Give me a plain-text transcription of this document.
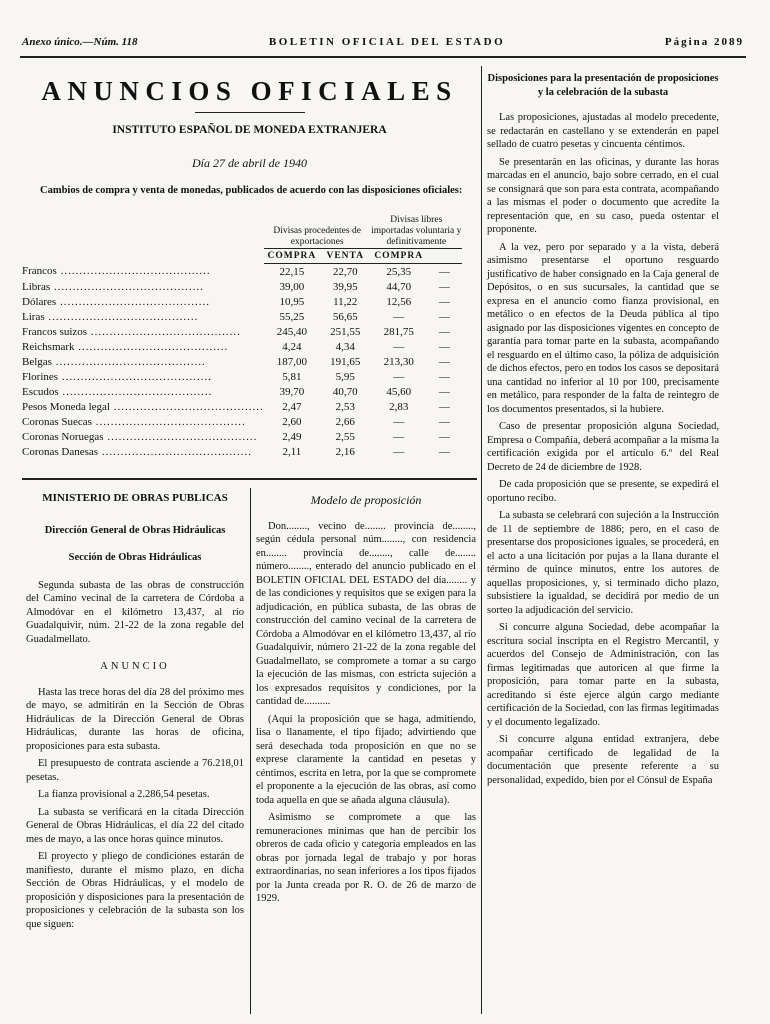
Anexo único.—Núm. 118	BOLETIN OFICIAL DEL ESTADO	Página 2089
ANUNCIOS OFICIALES
INSTITUTO ESPAÑOL DE MONEDA EXTRANJERA
Día 27 de abril de 1940
Cambios de compra y venta de monedas, publicados de acuerdo con las disposiciones oficiales:
	Divisas procedentes de exportaciones		Divisas libres importadas voluntaria y definitivamente	
	COMPRA	VENTA	COMPRA	
Francos ........................................	22,15	22,70	25,35	—
Libras ........................................	39,00	39,95	44,70	—
Dólares ........................................	10,95	11,22	12,56	—
Liras ........................................	55,25	56,65	—	—
Francos suizos ........................................	245,40	251,55	281,75	—
Reichsmark ........................................	4,24	4,34	—	—
Belgas ........................................	187,00	191,65	213,30	—
Florines ........................................	5,81	5,95	—	—
Escudos ........................................	39,70	40,70	45,60	—
Pesos Moneda legal ........................................	2,47	2,53	2,83	—
Coronas Suecas ........................................	2,60	2,66	—	—
Coronas Noruegas ........................................	2,49	2,55	—	—
Coronas Danesas ........................................	2,11	2,16	—	—
MINISTERIO DE OBRAS PUBLICAS
Dirección General de Obras Hidráulicas
Sección de Obras Hidráulicas

Segunda subasta de las obras de construcción del Camino vecinal de la carretera de Córdoba a Almodóvar en el kilómetro 13,437, al río Guadalquivir, núm. 21-22 de la zona regable del Guadalmellato.

ANUNCIO

Hasta las trece horas del día 28 del próximo mes de mayo, se admitirán en la Sección de Obras Hidráulicas de la Dirección General de Obras Hidráulicas, durante las horas de oficina, proposiciones para esta subasta.

El presupuesto de contrata asciende a 76.218,01 pesetas.

La fianza provisional a 2.286,54 pesetas.

La subasta se verificará en la citada Dirección General de Obras Hidráulicas, el día 22 del citado mes de mayo, a las once horas quince minutos.

El proyecto y pliego de condiciones estarán de manifiesto, durante el mismo plazo, en dicha Sección de Obras Hidráulicas, y el modelo de proposición y disposiciones para la presentación de proposiciones y celebración de la subasta son los que siguen:

Modelo de proposición

Don........, vecino de........ provincia de........, según cédula personal núm........, con residencia en........ provincia de........, calle de........ número........, enterado del anuncio publicado en el BOLETIN OFICIAL DEL ESTADO del día........ y de las condiciones y requisitos que se exigen para la adjudicación, en pública subasta, de las obras de construcción del camino vecinal de la carretera de Córdoba a Almodóvar en el kilómetro 13,437, al río Guadalquivir, número 21-22 de la zona regable del Guadalmellato, se compromete a tomar a su cargo la ejecución de las mismas, con estricta sujeción a los expresados requisitos y condiciones, por la cantidad de..........

(Aquí la proposición que se haga, admitiendo, lisa o llanamente, el tipo fijado; advirtiendo que será desechada toda proposición en que no se exprese claramente la cantidad en pesetas y céntimos, escrita en letra, por la que se compromete el proponente a la ejecución de las obras, así como toda aquella en que se añada alguna cláusula).

Asimismo se compromete a que las remuneraciones mínimas que han de percibir los obreros de cada oficio y categoría empleados en las obras por jornada legal de trabajo y por horas extraordinarias, no sean inferiores a los tipos fijados por la Junta creada por R. O. de 26 de marzo de 1929.

Disposiciones para la presentación de proposiciones y la celebración de la subasta

Las proposiciones, ajustadas al modelo precedente, se redactarán en castellano y se extenderán en papel sellado de cuatro pesetas y cincuenta céntimos.

Se presentarán en las oficinas, y durante las horas marcadas en el anuncio, bajo sobre cerrado, en el cual se consignará que son para esta contrata, acompañando a las mismas el poder o documento que acredite la representación que, en su caso, pueda ostentar el proponente.

A la vez, pero por separado y a la vista, deberá asimismo presentarse el oportuno resguardo justificativo de haber consignado en la Caja general de Depósitos, o en sus sucursales, la cantidad que se expresa en el anuncio como fianza provisional, en metálico o en efectos de la Deuda pública al tipo asignado por las disposiciones vigentes en concepto de garantía para tomar parte en la subasta, acompañando el resguardo en el último caso, la póliza de adquisición de dichos efectos, pero en todos los casos se depositará una cantidad no inferior al 10 por 100, precisamente en metálico, para responder de la falta de reintegro de los documentos presentados, si la hubiere.

Caso de presentar proposición alguna Sociedad, Empresa o Compañía, deberá acompañar a la misma la certificación exigida por el artículo 6.º del Real Decreto de 24 de diciembre de 1928.

De cada proposición que se presente, se expedirá el oportuno recibo.

La subasta se celebrará con sujeción a la Instrucción de 11 de septiembre de 1886; pero, en el caso de presentarse dos proposiciones iguales, se procederá, en el acto a una licitación por pujas a la llana durante el término de quince minutos, entre los autores de aquellas proposiciones, y, si terminado dicho plazo, subsistiere la igualdad, se decidirá por medio de un sorteo la adjudicación del servicio.

Si concurre alguna Sociedad, debe acompañar la escritura social inscripta en el Registro Mercantil, y acuerdos del Consejo de Administración, con las firmas legitimadas que autoricen al que firme la proposición, para tomar parte en la subasta, acreditando si éste ejerce algún cargo mediante certificación de la Sociedad, con las firmas legitimadas y el documento legalizado.

Si concurre alguna entidad extranjera, debe acompañar certificado de legalidad de la documentación que presente referente a su personalidad, expedido, bien por el Cónsul de España
